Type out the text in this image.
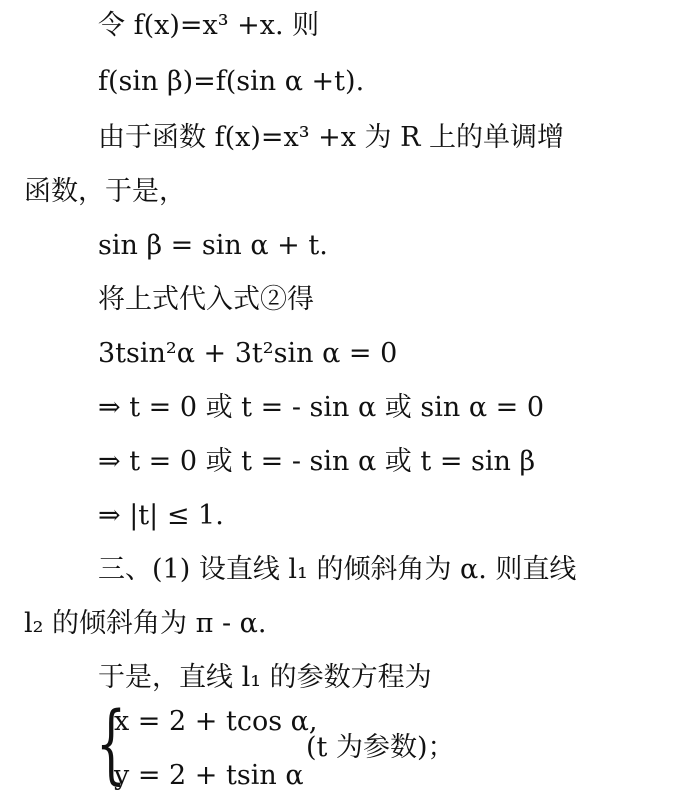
令 f(x)=x³ +x. 则
f(sin β)=f(sin α +t).
由于函数 f(x)=x³ +x 为 R 上的单调增
函数，于是，
sin β = sin α + t.
将上式代入式②得
3tsin²α + 3t²sin α = 0
⇒ t = 0 或 t = - sin α 或 sin α = 0
⇒ t = 0 或 t = - sin α 或 t = sin β
⇒ |t| ≤ 1.
三、(1) 设直线 l₁ 的倾斜角为 α. 则直线
l₂ 的倾斜角为 π - α.
于是，直线 l₁ 的参数方程为
{
x = 2 + tcos α,
y = 2 + tsin α
(t 为参数)；
